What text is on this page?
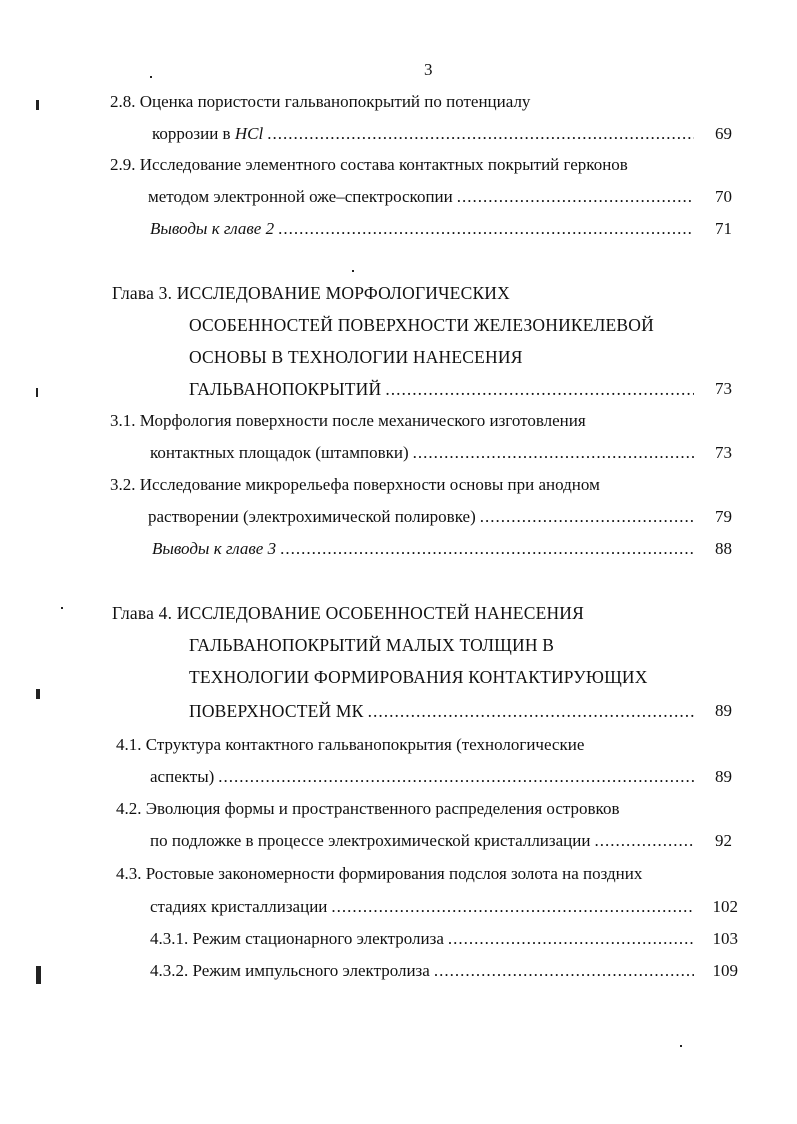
3
2.8. Оценка пористости гальванопокрытий по потенциалу
коррозии в HCl .....	69
2.9. Исследование элементного состава контактных покрытий герконов
методом электронной оже–спектроскопии .....	70
Выводы к главе 2 .....	71
Глава 3. ИССЛЕДОВАНИЕ МОРФОЛОГИЧЕСКИХ
ОСОБЕННОСТЕЙ ПОВЕРХНОСТИ ЖЕЛЕЗОНИКЕЛЕВОЙ
ОСНОВЫ В ТЕХНОЛОГИИ НАНЕСЕНИЯ
ГАЛЬВАНОПОКРЫТИЙ .....	73
3.1. Морфология поверхности после механического изготовления
контактных площадок (штамповки) .....	73
3.2. Исследование микрорельефа поверхности основы при анодном
растворении (электрохимической полировке) .....	79
Выводы к главе 3 .....	88
Глава 4. ИССЛЕДОВАНИЕ ОСОБЕННОСТЕЙ НАНЕСЕНИЯ
ГАЛЬВАНОПОКРЫТИЙ МАЛЫХ ТОЛЩИН В
ТЕХНОЛОГИИ ФОРМИРОВАНИЯ КОНТАКТИРУЮЩИХ
ПОВЕРХНОСТЕЙ МК .....	89
4.1. Структура контактного гальванопокрытия (технологические
аспекты) .....	89
4.2. Эволюция формы и пространственного распределения островков
по подложке в процессе электрохимической кристаллизации .....	92
4.3. Ростовые закономерности формирования подслоя золота на поздних
стадиях кристаллизации .....	102
4.3.1. Режим стационарного электролиза .....	103
4.3.2. Режим импульсного электролиза .....	109
